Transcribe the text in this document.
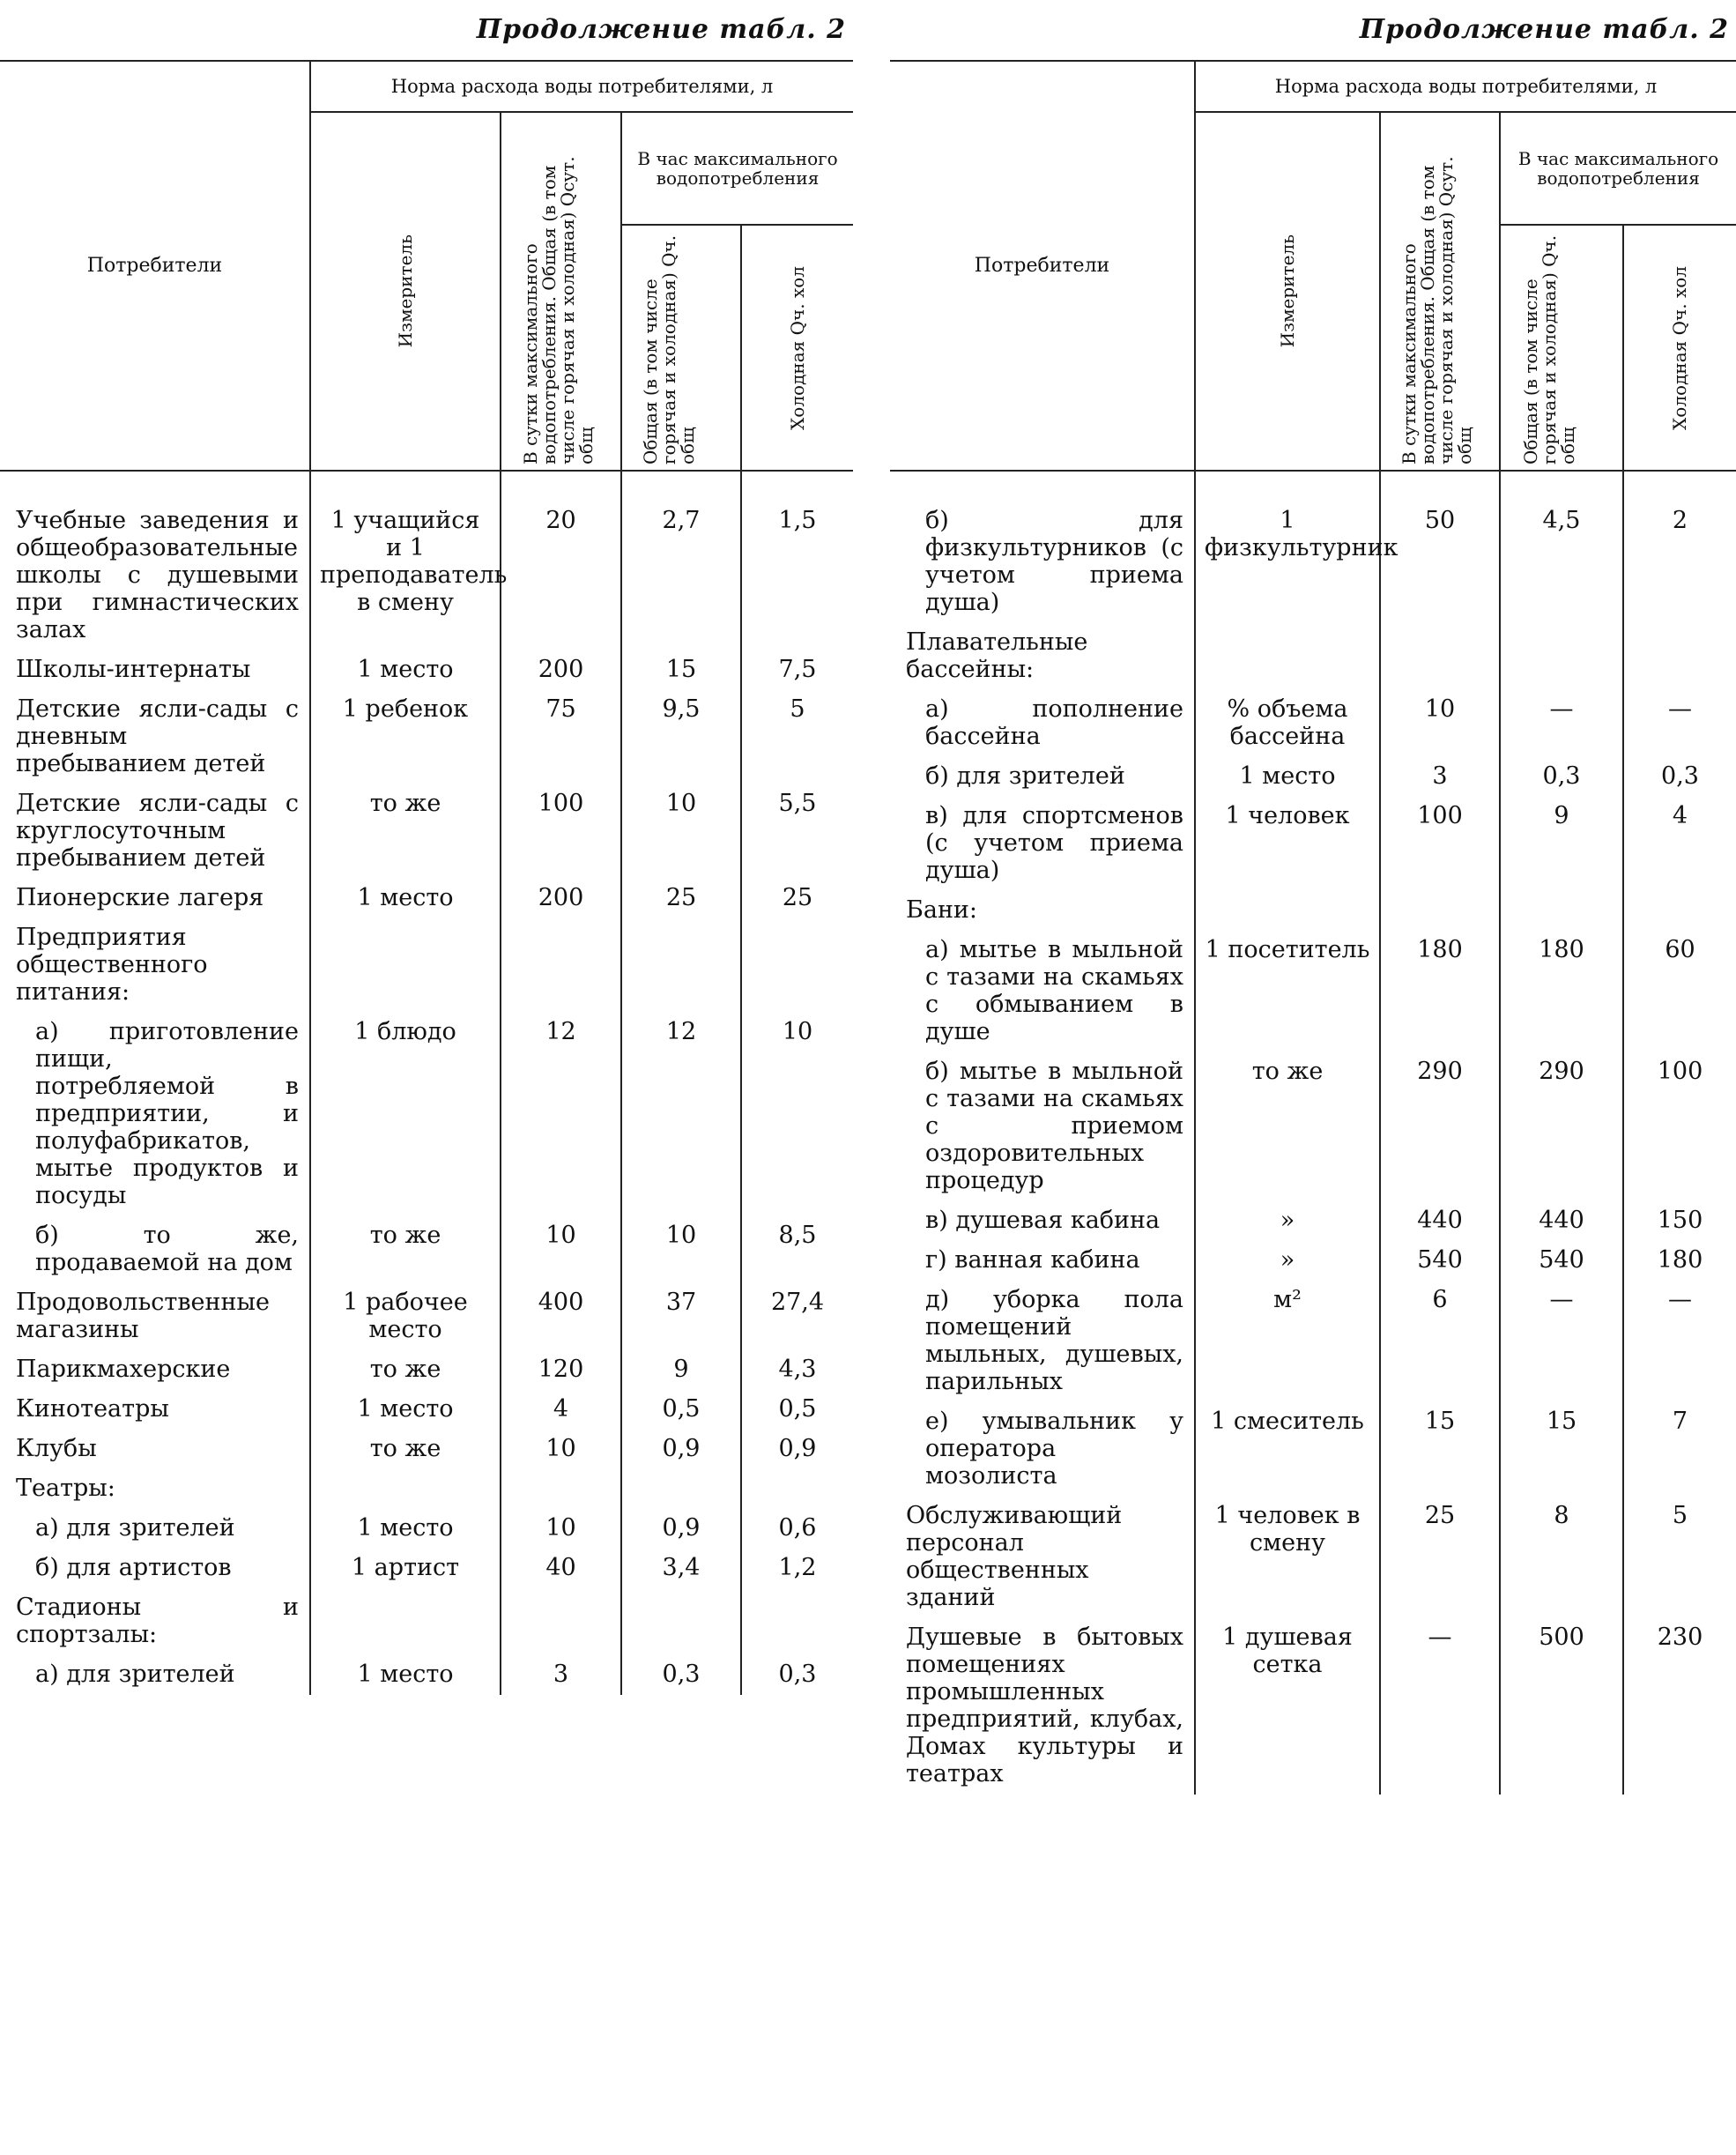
Продолжение табл. 2
Потребители	Норма расхода воды потребителями, л			

	Измеритель	В сутки максимального водопотребления. Общая (в том числе горячая и холодная) Qсут. общ	В час максимального водопотребления	

			Общая (в том числе горячая и холодная) Qч. общ	Холодная Qч. хол

Учебные заведения и общеобразовательные школы с душевыми при гимнастических залах	1 учащийся и 1 преподаватель в смену	20	2,7	1,5
Школы-интернаты	1 место	200	15	7,5
Детские ясли-сады с дневным пребыванием детей	1 ребенок	75	9,5	5
Детские ясли-сады с круглосуточным пребыванием детей	то же	100	10	5,5
Пионерские лагеря	1 место	200	25	25
Предприятия общественного питания:				
а) приготовление пищи, потребляемой в предприятии, и полуфабрикатов, мытье продуктов и посуды	1 блюдо	12	12	10
б) то же, продаваемой на дом	то же	10	10	8,5
Продовольственные магазины	1 рабочее место	400	37	27,4
Парикмахерские	то же	120	9	4,3
Кинотеатры	1 место	4	0,5	0,5
Клубы	то же	10	0,9	0,9
Театры:				
а) для зрителей	1 место	10	0,9	0,6
б) для артистов	1 артист	40	3,4	1,2
Стадионы и спортзалы:				
а) для зрителей	1 место	3	0,3	0,3
Продолжение табл. 2
Потребители	Норма расхода воды потребителями, л			

	Измеритель	В сутки максимального водопотребления. Общая (в том числе горячая и холодная) Qсут. общ	В час максимального водопотребления	

			Общая (в том числе горячая и холодная) Qч. общ	Холодная Qч. хол

б) для физкультурников (с учетом приема душа)	1 физкультурник	50	4,5	2
Плавательные бассейны:				
а) пополнение бассейна	% объема бассейна	10	—	—
б) для зрителей	1 место	3	0,3	0,3
в) для спортсменов (с учетом приема душа)	1 человек	100	9	4
Бани:				
а) мытье в мыльной с тазами на скамьях с обмыванием в душе	1 посетитель	180	180	60
б) мытье в мыльной с тазами на скамьях с приемом оздоровительных процедур	то же	290	290	100
в) душевая кабина	»	440	440	150
г) ванная кабина	»	540	540	180
д) уборка пола помещений мыльных, душевых, парильных	м²	6	—	—
е) умывальник у оператора мозолиста	1 смеситель	15	15	7
Обслуживающий персонал общественных зданий	1 человек в смену	25	8	5
Душевые в бытовых помещениях промышленных предприятий, клубах, Домах культуры и театрах	1 душевая сетка	—	500	230
